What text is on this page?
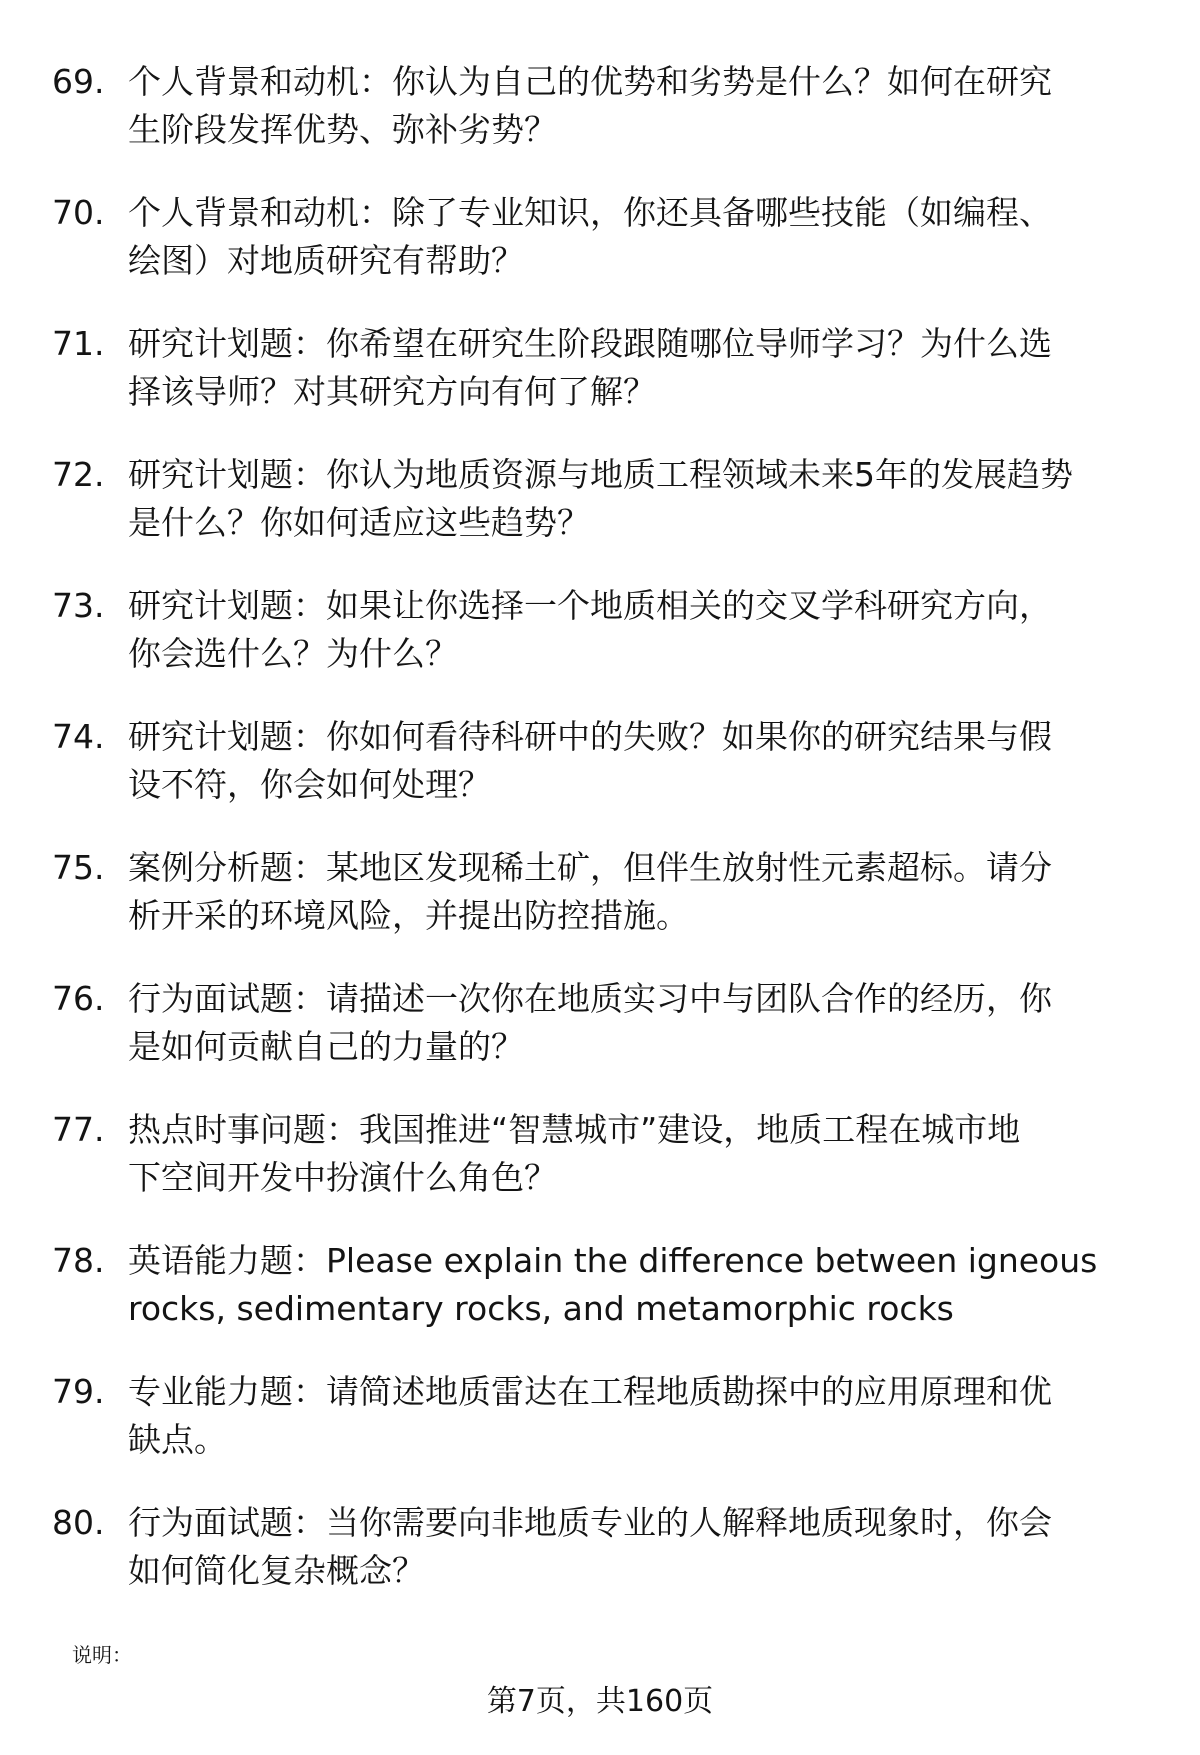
69. 个人背景和动机：你认为自己的优势和劣势是什么？如何在研究
生阶段发挥优势、弥补劣势？
70. 个人背景和动机：除了专业知识，你还具备哪些技能（如编程、
绘图）对地质研究有帮助？
71. 研究计划题：你希望在研究生阶段跟随哪位导师学习？为什么选
择该导师？对其研究方向有何了解？
72. 研究计划题：你认为地质资源与地质工程领域未来5年的发展趋势
是什么？你如何适应这些趋势？
73. 研究计划题：如果让你选择一个地质相关的交叉学科研究方向，
你会选什么？为什么？
74. 研究计划题：你如何看待科研中的失败？如果你的研究结果与假
设不符，你会如何处理？
75. 案例分析题：某地区发现稀土矿，但伴生放射性元素超标。请分
析开采的环境风险，并提出防控措施。
76. 行为面试题：请描述一次你在地质实习中与团队合作的经历，你
是如何贡献自己的力量的？
77. 热点时事问题：我国推进“智慧城市”建设，地质工程在城市地
下空间开发中扮演什么角色？
78. 英语能力题：Please explain the difference between igneous
rocks, sedimentary rocks, and metamorphic rocks
79. 专业能力题：请简述地质雷达在工程地质勘探中的应用原理和优
缺点。
80. 行为面试题：当你需要向非地质专业的人解释地质现象时，你会
如何简化复杂概念？
说明：
第7页，共160页
